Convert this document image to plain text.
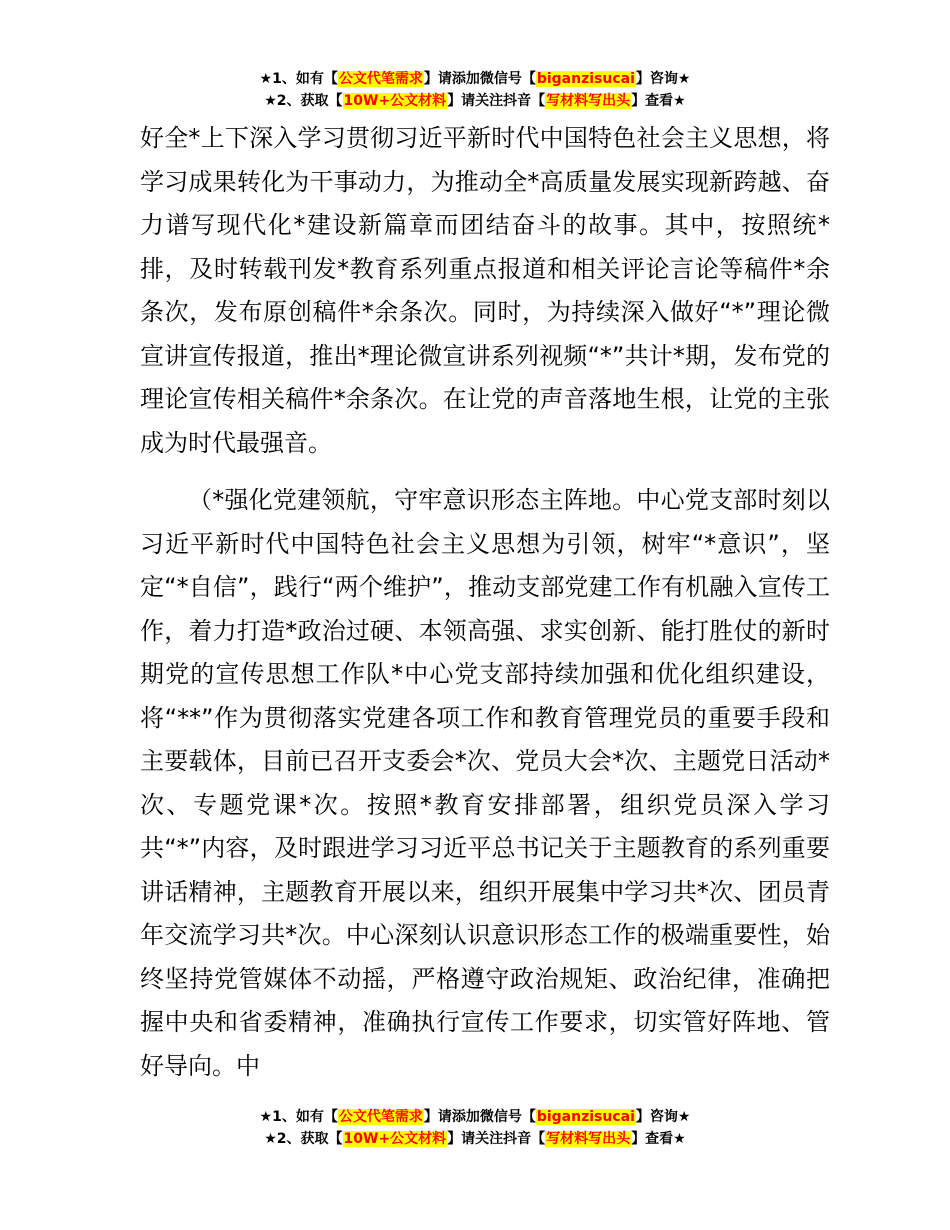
★1、如有【公文代笔需求】请添加微信号【biganzisucai】咨询★
★2、获取【10W+公文材料】请关注抖音【写材料写出头】查看★

好全*上下深入学习贯彻习近平新时代中国特色社会主义思想，将学习成果转化为干事动力，为推动全*高质量发展实现新跨越、奋力谱写现代化*建设新篇章而团结奋斗的故事。其中，按照统*排，及时转载刊发*教育系列重点报道和相关评论言论等稿件*余条次，发布原创稿件*余条次。同时，为持续深入做好“*”理论微宣讲宣传报道，推出*理论微宣讲系列视频“*”共计*期，发布党的理论宣传相关稿件*余条次。在让党的声音落地生根，让党的主张成为时代最强音。

（*强化党建领航，守牢意识形态主阵地。中心党支部时刻以习近平新时代中国特色社会主义思想为引领，树牢“*意识”，坚定“*自信”，践行“两个维护”，推动支部党建工作有机融入宣传工作，着力打造*政治过硬、本领高强、求实创新、能打胜仗的新时期党的宣传思想工作队*中心党支部持续加强和优化组织建设，将“**”作为贯彻落实党建各项工作和教育管理党员的重要手段和主要载体，目前已召开支委会*次、党员大会*次、主题党日活动*次、专题党课*次。按照*教育安排部署，组织党员深入学习共“*”内容，及时跟进学习习近平总书记关于主题教育的系列重要讲话精神，主题教育开展以来，组织开展集中学习共*次、团员青年交流学习共*次。中心深刻认识意识形态工作的极端重要性，始终坚持党管媒体不动摇，严格遵守政治规矩、政治纪律，准确把握中央和省委精神，准确执行宣传工作要求，切实管好阵地、管好导向。中

★1、如有【公文代笔需求】请添加微信号【biganzisucai】咨询★
★2、获取【10W+公文材料】请关注抖音【写材料写出头】查看★
